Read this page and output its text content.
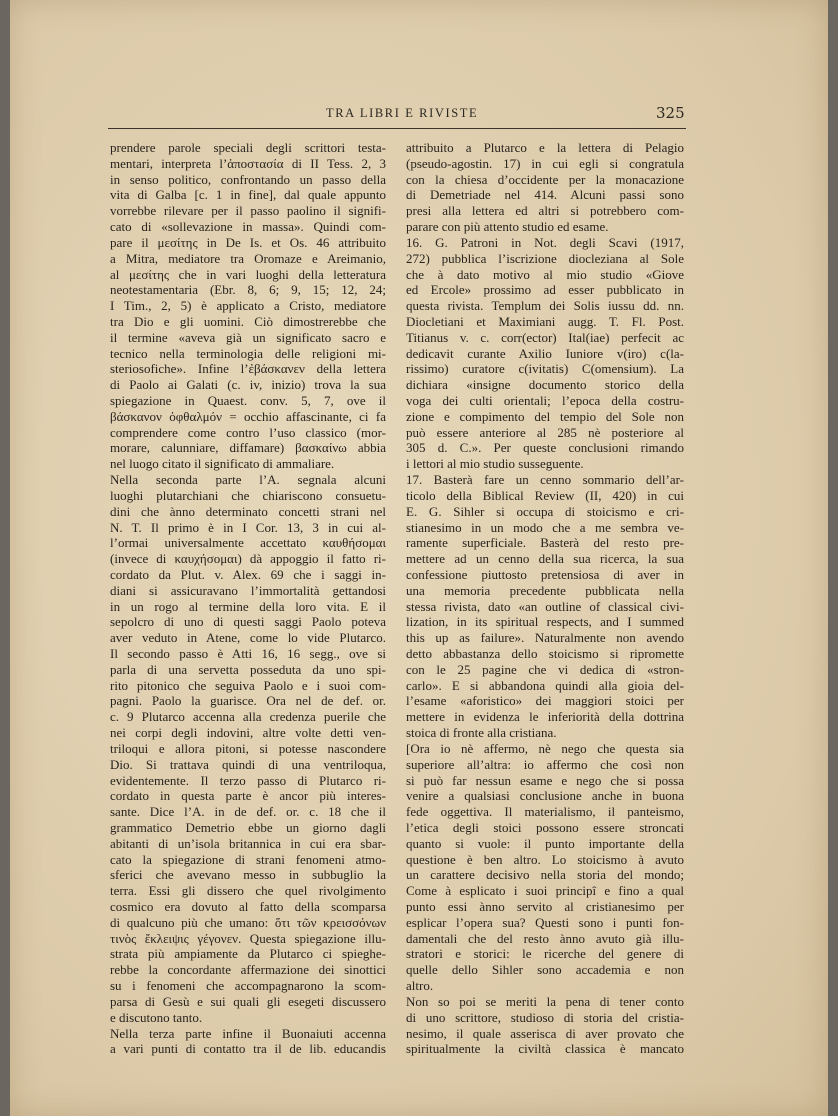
TRA LIBRI E RIVISTE	325
prendere parole speciali degli scrittori testa-
mentari, interpreta l’ἀποστασία di II Tess. 2, 3
in senso politico, confrontando un passo della
vita di Galba [c. 1 in fine], dal quale appunto
vorrebbe rilevare per il passo paolino il signifi-
cato di «sollevazione in massa». Quindi com-
pare il μεσίτης in De Is. et Os. 46 attribuito
a Mitra, mediatore tra Oromaze e Areimanio,
al μεσίτης che in vari luoghi della letteratura
neotestamentaria (Ebr. 8, 6; 9, 15; 12, 24;
I Tim., 2, 5) è applicato a Cristo, mediatore
tra Dio e gli uomini. Ciò dimostrerebbe che
il termine «aveva già un significato sacro e
tecnico nella terminologia delle religioni mi-
steriosofiche». Infine l’ἐβάσκανεν della lettera
di Paolo ai Galati (c. iv, inizio) trova la sua
spiegazione in Quaest. conv. 5, 7, ove il
βάσκανον ὀφθαλμόν = occhio affascinante, ci fa
comprendere come contro l’uso classico (mor-
morare, calunniare, diffamare) βασκαίνω abbia
nel luogo citato il significato di ammaliare.
Nella seconda parte l’A. segnala alcuni
luoghi plutarchiani che chiariscono consuetu-
dini che ànno determinato concetti strani nel
N. T. Il primo è in I Cor. 13, 3 in cui al-
l’ormai universalmente accettato καυθήσομαι
(invece di καυχήσομαι) dà appoggio il fatto ri-
cordato da Plut. v. Alex. 69 che i saggi in-
diani si assicuravano l’immortalità gettandosi
in un rogo al termine della loro vita. E il
sepolcro di uno di questi saggi Paolo poteva
aver veduto in Atene, come lo vide Plutarco.
Il secondo passo è Atti 16, 16 segg., ove si
parla di una servetta posseduta da uno spi-
rito pitonico che seguiva Paolo e i suoi com-
pagni. Paolo la guarisce. Ora nel de def. or.
c. 9 Plutarco accenna alla credenza puerile che
nei corpi degli indovini, altre volte detti ven-
triloqui e allora pitoni, si potesse nascondere
Dio. Si trattava quindi di una ventriloqua,
evidentemente. Il terzo passo di Plutarco ri-
cordato in questa parte è ancor più interes-
sante. Dice l’A. in de def. or. c. 18 che il
grammatico Demetrio ebbe un giorno dagli
abitanti di un’isola britannica in cui era sbar-
cato la spiegazione di strani fenomeni atmo-
sferici che avevano messo in subbuglio la
terra. Essi gli dissero che quel rivolgimento
cosmico era dovuto al fatto della scomparsa
di qualcuno più che umano: ὅτι τῶν κρεισσόνων
τινὸς ἔκλειψις γέγονεν. Questa spiegazione illu-
strata più ampiamente da Plutarco ci spieghe-
rebbe la concordante affermazione dei sinottici
su i fenomeni che accompagnarono la scom-
parsa di Gesù e sui quali gli esegeti discussero
e discutono tanto.
Nella terza parte infine il Buonaiuti accenna
a vari punti di contatto tra il de lib. educandis
attribuito a Plutarco e la lettera di Pelagio
(pseudo-agostin. 17) in cui egli si congratula
con la chiesa d’occidente per la monacazione
di Demetriade nel 414. Alcuni passi sono
presi alla lettera ed altri si potrebbero com-
parare con più attento studio ed esame.
16. G. Patroni in Not. degli Scavi (1917,
272) pubblica l’iscrizione diocleziana al Sole
che à dato motivo al mio studio «Giove
ed Ercole» prossimo ad esser pubblicato in
questa rivista. Templum dei Solis iussu dd. nn.
Diocletiani et Maximiani augg. T. Fl. Post.
Titianus v. c. corr(ector) Ital(iae) perfecit ac
dedicavit curante Axilio Iuniore v(iro) c(la-
rissimo) curatore c(ivitatis) C(omensium). La
dichiara «insigne documento storico della
voga dei culti orientali; l’epoca della costru-
zione e compimento del tempio del Sole non
può essere anteriore al 285 nè posteriore al
305 d. C.». Per queste conclusioni rimando
i lettori al mio studio susseguente.
17. Basterà fare un cenno sommario dell’ar-
ticolo della Biblical Review (II, 420) in cui
E. G. Sihler si occupa di stoicismo e cri-
stianesimo in un modo che a me sembra ve-
ramente superficiale. Basterà del resto pre-
mettere ad un cenno della sua ricerca, la sua
confessione piuttosto pretensiosa di aver in
una memoria precedente pubblicata nella
stessa rivista, dato «an outline of classical civi-
lization, in its spiritual respects, and I summed
this up as failure». Naturalmente non avendo
detto abbastanza dello stoicismo si ripromette
con le 25 pagine che vi dedica di «stron-
carlo». E si abbandona quindi alla gioia del-
l’esame «aforistico» dei maggiori stoici per
mettere in evidenza le inferiorità della dottrina
stoica di fronte alla cristiana.
[Ora io nè affermo, nè nego che questa sia
superiore all’altra: io affermo che così non
si può far nessun esame e nego che si possa
venire a qualsiasi conclusione anche in buona
fede oggettiva. Il materialismo, il panteismo,
l’etica degli stoici possono essere stroncati
quanto si vuole: il punto importante della
questione è ben altro. Lo stoicismo à avuto
un carattere decisivo nella storia del mondo;
Come à esplicato i suoi principî e fino a qual
punto essi ànno servito al cristianesimo per
esplicar l’opera sua? Questi sono i punti fon-
damentali che del resto ànno avuto già illu-
stratori e storici: le ricerche del genere di
quelle dello Sihler sono accademia e non
altro.
Non so poi se meriti la pena di tener conto
di uno scrittore, studioso di storia del cristia-
nesimo, il quale asserisca di aver provato che
spiritualmente la civiltà classica è mancato
